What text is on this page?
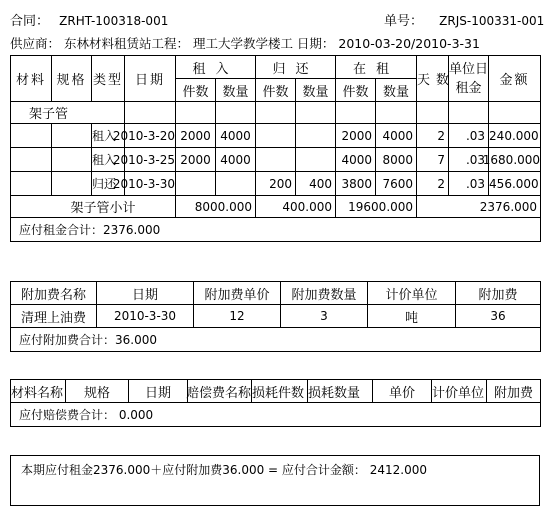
合同： ZRHT-100318-001	单号： ZRJS-100331-001
供应商： 东林材料租赁站工程： 理工大学教学楼工 日期： 2010-03-20/2010-3-31
材料	规格	类型	日期	租入		归还		在租		天数	单位日租金	金额
				件数	数量	件数	数量	件数	数量			
架子管												
		租入	2010-3-20	2000	4000			2000	4000	2	.03	240.000
		租入	2010-3-25	2000	4000			4000	8000	7	.03	1680.000
		归还	2010-3-30			200	400	3800	7600	2	.03	456.000
架子管小计				8000.000		400.000		19600.000		2376.000		
应付租金合计：2376.000												
附加费名称	日期	附加费单价	附加费数量	计价单位	附加费
清理上油费	2010-3-30	12	3	吨	36
应付附加费合计：36.000					
材料名称	规格	日期	赔偿费名称	损耗件数	损耗数量	单价	计价单位	附加费
应付赔偿费合计： 0.000
本期应付租金2376.000＋应付附加费36.000 = 应付合计金额： 2412.000
